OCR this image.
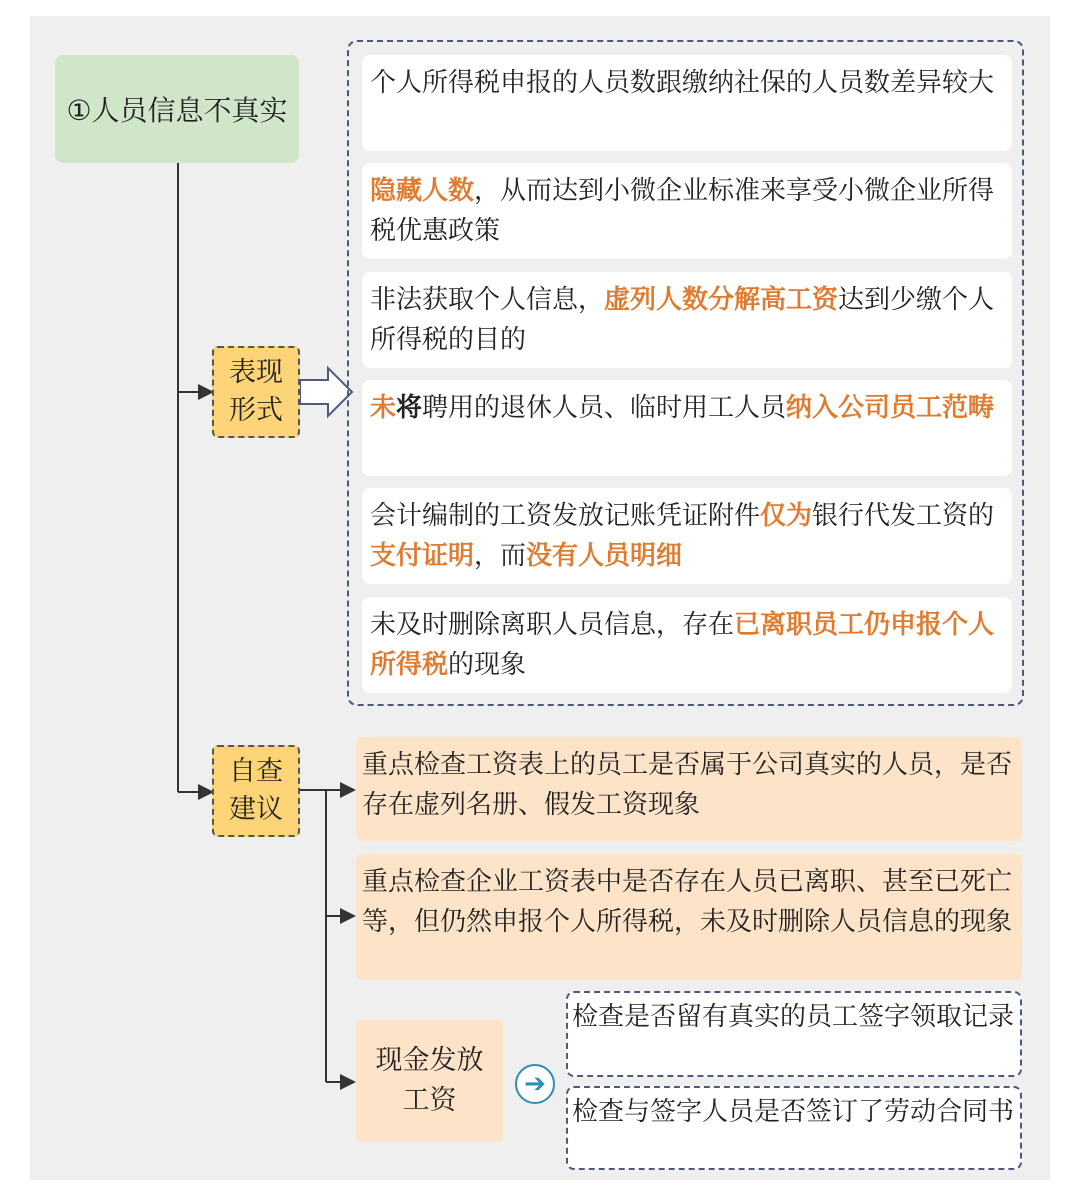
①人员信息不真实
表现
形式
个人所得税申报的人员数跟缴纳社保的人员数差异较大
隐藏人数，从而达到小微企业标准来享受小微企业所得税优惠政策
非法获取个人信息，虚列人数分解高工资达到少缴个人所得税的目的
未将聘用的退休人员、临时用工人员纳入公司员工范畴
会计编制的工资发放记账凭证附件仅为银行代发工资的支付证明，而没有人员明细
未及时删除离职人员信息，存在已离职员工仍申报个人所得税的现象
自查
建议
重点检查工资表上的员工是否属于公司真实的人员，是否存在虚列名册、假发工资现象
重点检查企业工资表中是否存在人员已离职、甚至已死亡等，但仍然申报个人所得税，未及时删除人员信息的现象
现金发放
工资
➔
检查是否留有真实的员工签字领取记录
检查与签字人员是否签订了劳动合同书
